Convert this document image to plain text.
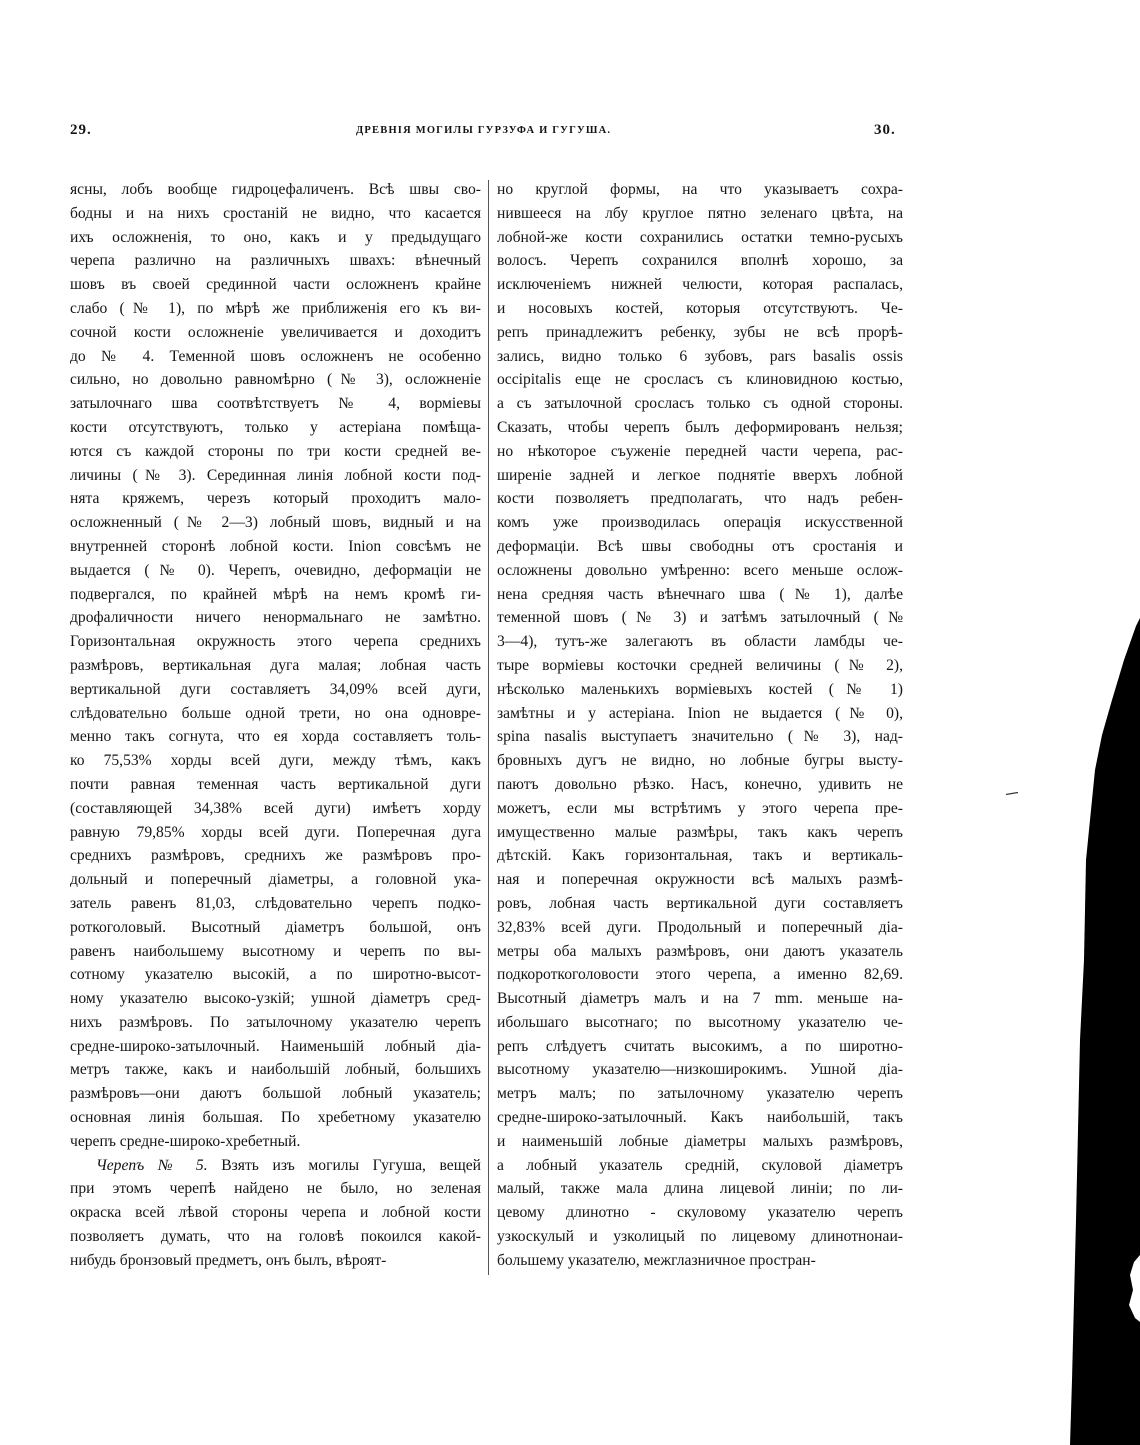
29.	ДРЕВНІЯ МОГИЛЫ ГУРЗУФА И ГУГУША.	30.
ясны, лобъ вообще гидроцефаличенъ. Всѣ швы сво-
бодны и на нихъ сростаній не видно, что касается
ихъ осложненія, то оно, какъ и у предыдущаго
черепа различно на различныхъ швахъ: вѣнечный
шовъ въ своей срединной части осложненъ крайне
слабо (№ 1), по мѣрѣ же приближенія его къ ви-
сочной кости осложненіе увеличивается и доходитъ
до № 4. Теменной шовъ осложненъ не особенно
сильно, но довольно равномѣрно (№ 3), осложненіе
затылочнаго шва соотвѣтствуетъ № 4, ворміевы
кости отсутствуютъ, только у астеріана помѣща-
ются съ каждой стороны по три кости средней ве-
личины (№ 3). Серединная линія лобной кости под-
нята кряжемъ, черезъ который проходитъ мало-
осложненный (№ 2—3) лобный шовъ, видный и на
внутренней сторонѣ лобной кости. Inion совсѣмъ не
выдается (№ 0). Черепъ, очевидно, деформаціи не
подвергался, по крайней мѣрѣ на немъ кромѣ ги-
дрофаличности ничего ненормальнаго не замѣтно.
Горизонтальная окружность этого черепа среднихъ
размѣровъ, вертикальная дуга малая; лобная часть
вертикальной дуги составляетъ 34,09% всей дуги,
слѣдовательно больше одной трети, но она одновре-
менно такъ согнута, что ея хорда составляетъ толь-
ко 75,53% хорды всей дуги, между тѣмъ, какъ
почти равная теменная часть вертикальной дуги
(составляющей 34,38% всей дуги) имѣетъ хорду
равную 79,85% хорды всей дуги. Поперечная дуга
среднихъ размѣровъ, среднихъ же размѣровъ про-
дольный и поперечный діаметры, а головной ука-
затель равенъ 81,03, слѣдовательно черепъ подко-
роткоголовый. Высотный діаметръ большой, онъ
равенъ наибольшему высотному и черепъ по вы-
сотному указателю высокій, а по широтно-высот-
ному указателю высоко-узкій; ушной діаметръ сред-
нихъ размѣровъ. По затылочному указателю черепъ
средне-широко-затылочный. Наименьшій лобный діа-
метръ также, какъ и наибольшій лобный, большихъ
размѣровъ—они даютъ большой лобный указатель;
основная линія большая. По хребетному указателю
черепъ средне-широко-хребетный.
Черепъ № 5. Взять изъ могилы Гугуша, вещей
при этомъ черепѣ найдено не было, но зеленая
окраска всей лѣвой стороны черепа и лобной кости
позволяетъ думать, что на головѣ покоился какой-
нибудь бронзовый предметъ, онъ былъ, вѣроят-
но круглой формы, на что указываетъ сохра-
нившееся на лбу круглое пятно зеленаго цвѣта, на
лобной-же кости сохранились остатки темно-русыхъ
волосъ. Черепъ сохранился вполнѣ хорошо, за
исключеніемъ нижней челюсти, которая распалась,
и носовыхъ костей, которыя отсутствуютъ. Че-
репъ принадлежитъ ребенку, зубы не всѣ прорѣ-
зались, видно только 6 зубовъ, pars basalis ossis
occipitalis еще не сросласъ съ клиновидною костью,
а съ затылочной сросласъ только съ одной стороны.
Сказать, чтобы черепъ былъ деформированъ нельзя;
но нѣкоторое съуженіе передней части черепа, рас-
ширеніе задней и легкое поднятіе вверхъ лобной
кости позволяетъ предполагать, что надъ ребен-
комъ уже производилась операція искусственной
деформаціи. Всѣ швы свободны отъ сростанія и
осложнены довольно умѣренно: всего меньше ослож-
нена средняя часть вѣнечнаго шва (№ 1), далѣе
теменной шовъ (№ 3) и затѣмъ затылочный (№
3—4), тутъ-же залегаютъ въ области ламбды че-
тыре ворміевы косточки средней величины (№ 2),
нѣсколько маленькихъ ворміевыхъ костей (№ 1)
замѣтны и у астеріана. Inion не выдается (№ 0),
spina nasalis выступаетъ значительно (№ 3), над-
бровныхъ дугъ не видно, но лобные бугры высту-
паютъ довольно рѣзко. Насъ, конечно, удивить не
можетъ, если мы встрѣтимъ у этого черепа пре-
имущественно малые размѣры, такъ какъ черепъ
дѣтскій. Какъ горизонтальная, такъ и вертикаль-
ная и поперечная окружности всѣ малыхъ размѣ-
ровъ, лобная часть вертикальной дуги составляетъ
32,83% всей дуги. Продольный и поперечный діа-
метры оба малыхъ размѣровъ, они даютъ указатель
подкороткоголовости этого черепа, а именно 82,69.
Высотный діаметръ малъ и на 7 mm. меньше на-
ибольшаго высотнаго; по высотному указателю че-
репъ слѣдуетъ считать высокимъ, а по широтно-
высотному указателю—низкоширокимъ. Ушной діа-
метръ малъ; по затылочному указателю черепъ
средне-широко-затылочный. Какъ наибольшій, такъ
и наименьшій лобные діаметры малыхъ размѣровъ,
а лобный указатель средній, скуловой діаметръ
малый, также мала длина лицевой линіи; по ли-
цевому длинотно - скуловому указателю черепъ
узкоскулый и узколицый по лицевому длинотнонаи-
большему указателю, межглазничное простран-
